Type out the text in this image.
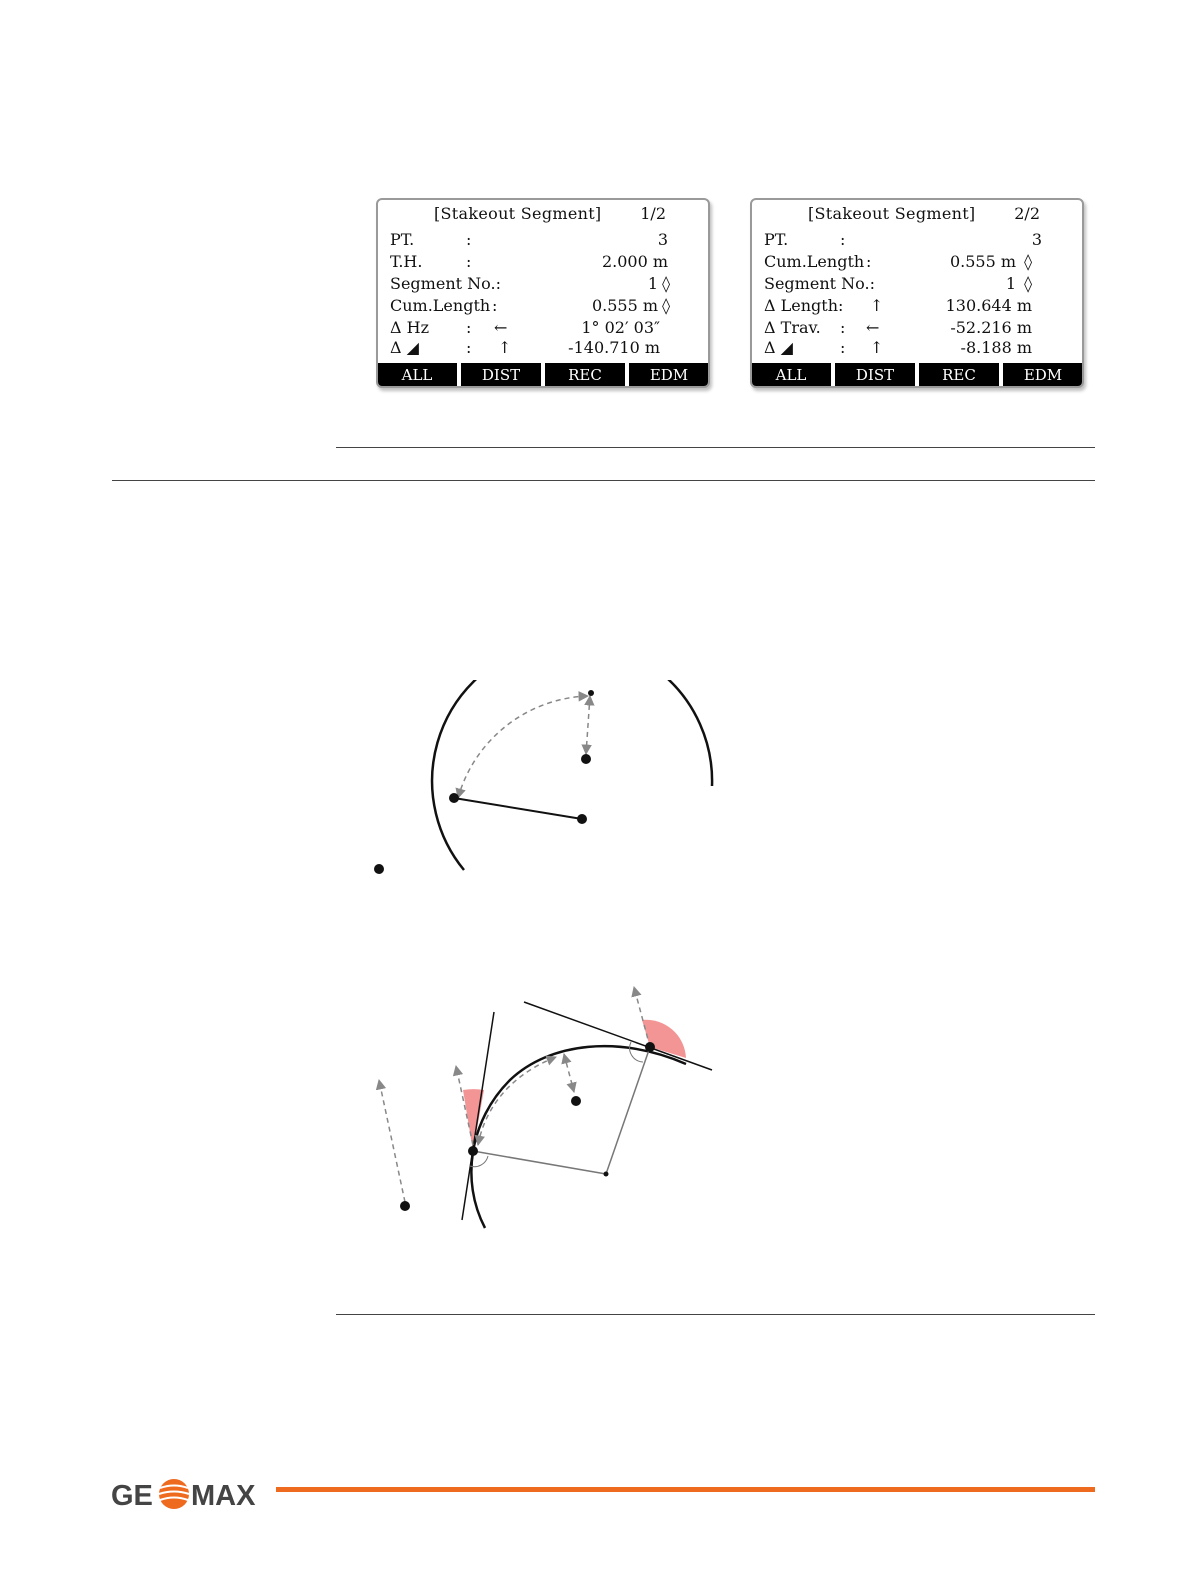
[Stakeout Segment] 1/2
PT.	:	3
T.H.	:	2.000 m
Segment No.:	1 ◊
Cum.Length :	0.555 m ◊
Δ Hz : ←	1° 02′ 03″
Δ ◢	: ↑	-140.710 m
ALL	DIST	REC	EDM
[Stakeout Segment] 2/2
PT.	:	3
Cum.Length :	0.555 m ◊
Segment No.:	1 ◊
Δ Length: ↑	130.644 m
Δ Trav. : ←	-52.216 m
Δ ◢	: ↑	-8.188 m
ALL	DIST	REC	EDM
GE MAX
